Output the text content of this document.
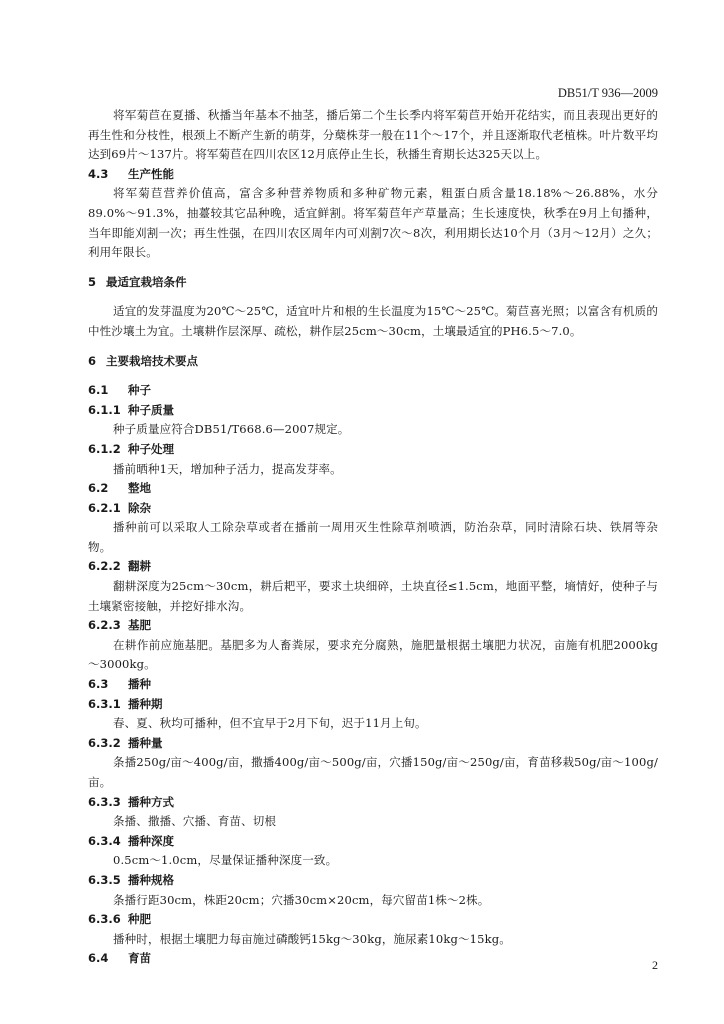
DB51/T 936—2009

将军菊苣在夏播、秋播当年基本不抽茎，播后第二个生长季内将军菊苣开始开花结实，而且表现出更好的再生性和分枝性，根颈上不断产生新的萌芽，分蘖株芽一般在11个～17个，并且逐渐取代老植株。叶片数平均达到69片～137片。将军菊苣在四川农区12月底停止生长，秋播生育期长达325天以上。

4.3 生产性能

将军菊苣营养价值高，富含多种营养物质和多种矿物元素，粗蛋白质含量18.18%～26.88%，水分89.0%～91.3%，抽薹较其它品种晚，适宜鲜割。将军菊苣年产草量高；生长速度快，秋季在9月上旬播种，当年即能刈割一次；再生性强，在四川农区周年内可刈割7次～8次，利用期长达10个月（3月～12月）之久；利用年限长。

5 最适宜栽培条件

适宜的发芽温度为20℃～25℃，适宜叶片和根的生长温度为15℃～25℃。菊苣喜光照；以富含有机质的中性沙壤土为宜。土壤耕作层深厚、疏松，耕作层25cm～30cm，土壤最适宜的PH6.5～7.0。

6 主要栽培技术要点
6.1 种子
6.1.1 种子质量

种子质量应符合DB51/T668.6—2007规定。

6.1.2 种子处理

播前晒种1天，增加种子活力，提高发芽率。

6.2 整地
6.2.1 除杂

播种前可以采取人工除杂草或者在播前一周用灭生性除草剂喷洒，防治杂草，同时清除石块、铁屑等杂物。

6.2.2 翻耕

翻耕深度为25cm～30cm，耕后耙平，要求土块细碎，土块直径≤1.5cm，地面平整，墒情好，使种子与土壤紧密接触，并挖好排水沟。

6.2.3 基肥

在耕作前应施基肥。基肥多为人畜粪尿，要求充分腐熟，施肥量根据土壤肥力状况，亩施有机肥2000kg～3000kg。

6.3 播种
6.3.1 播种期

春、夏、秋均可播种，但不宜早于2月下旬，迟于11月上旬。

6.3.2 播种量

条播250g/亩～400g/亩，撒播400g/亩～500g/亩，穴播150g/亩～250g/亩，育苗移栽50g/亩～100g/亩。

6.3.3 播种方式

条播、撒播、穴播、育苗、切根

6.3.4 播种深度

0.5cm～1.0cm，尽量保证播种深度一致。

6.3.5 播种规格

条播行距30cm，株距20cm；穴播30cm×20cm，每穴留苗1株～2株。

6.3.6 种肥

播种时，根据土壤肥力每亩施过磷酸钙15kg～30kg，施尿素10kg～15kg。

6.4 育苗	2
